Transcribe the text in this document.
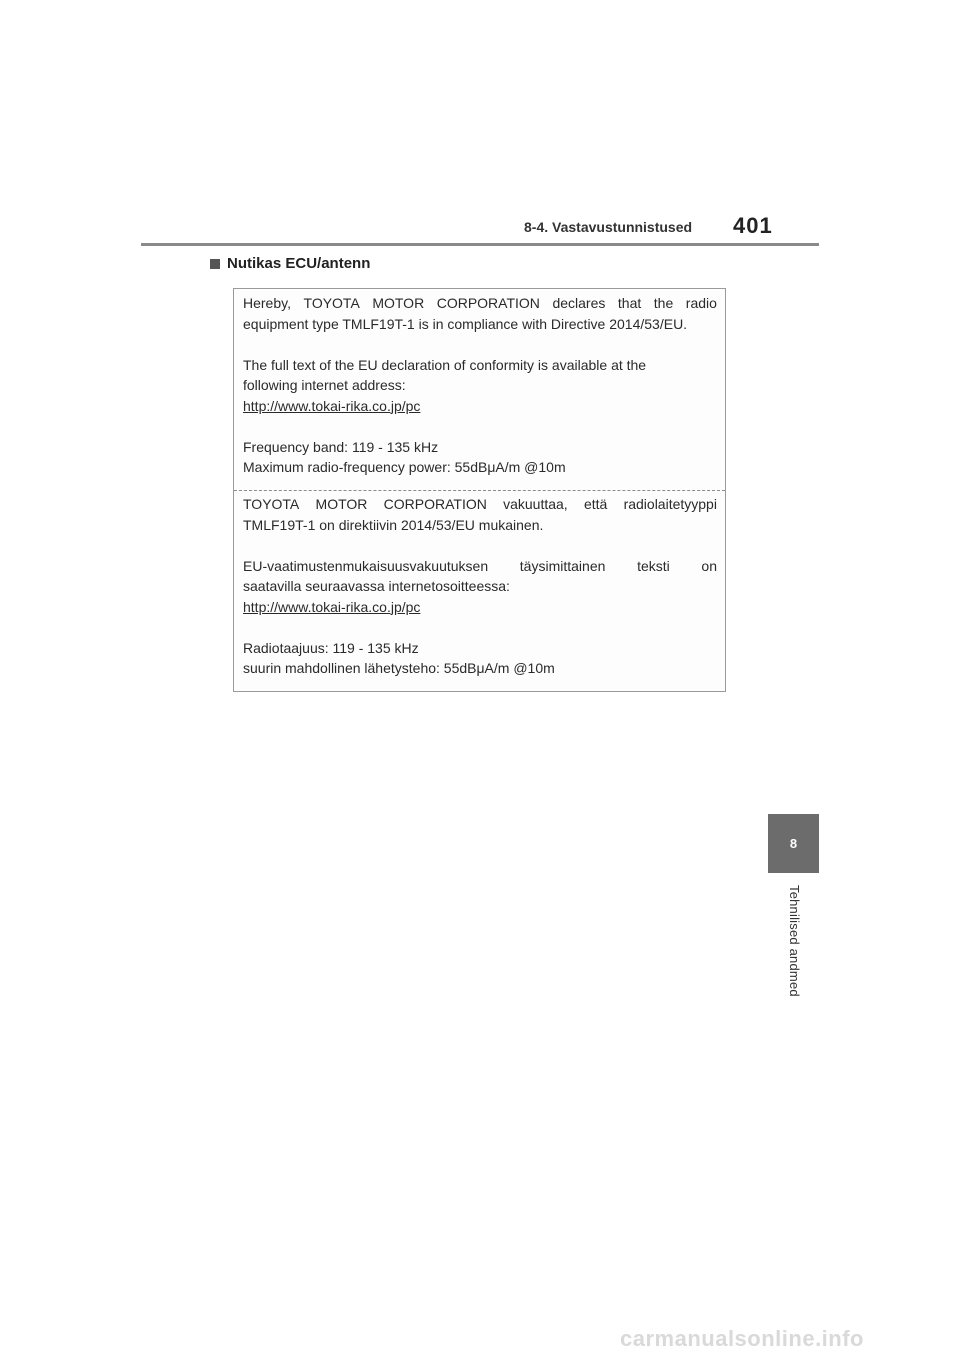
8-4. Vastavustunnistused 401
Nutikas ECU/antenn
Hereby, TOYOTA MOTOR CORPORATION declares that the radio
equipment type TMLF19T-1 is in compliance with Directive 2014/53/EU.
The full text of the EU declaration of conformity is available at the
following internet address:
http://www.tokai-rika.co.jp/pc
Frequency band: 119 - 135 kHz
Maximum radio-frequency power: 55dBμA/m @10m
TOYOTA MOTOR CORPORATION vakuuttaa, että radiolaitetyyppi
TMLF19T-1 on direktiivin 2014/53/EU mukainen.
EU-vaatimustenmukaisuusvakuutuksen täysimittainen teksti on
saatavilla seuraavassa internetosoitteessa:
http://www.tokai-rika.co.jp/pc
Radiotaajuus: 119 - 135 kHz
suurin mahdollinen lähetysteho: 55dBμA/m @10m
8
Tehnilised andmed
carmanualsonline.info
